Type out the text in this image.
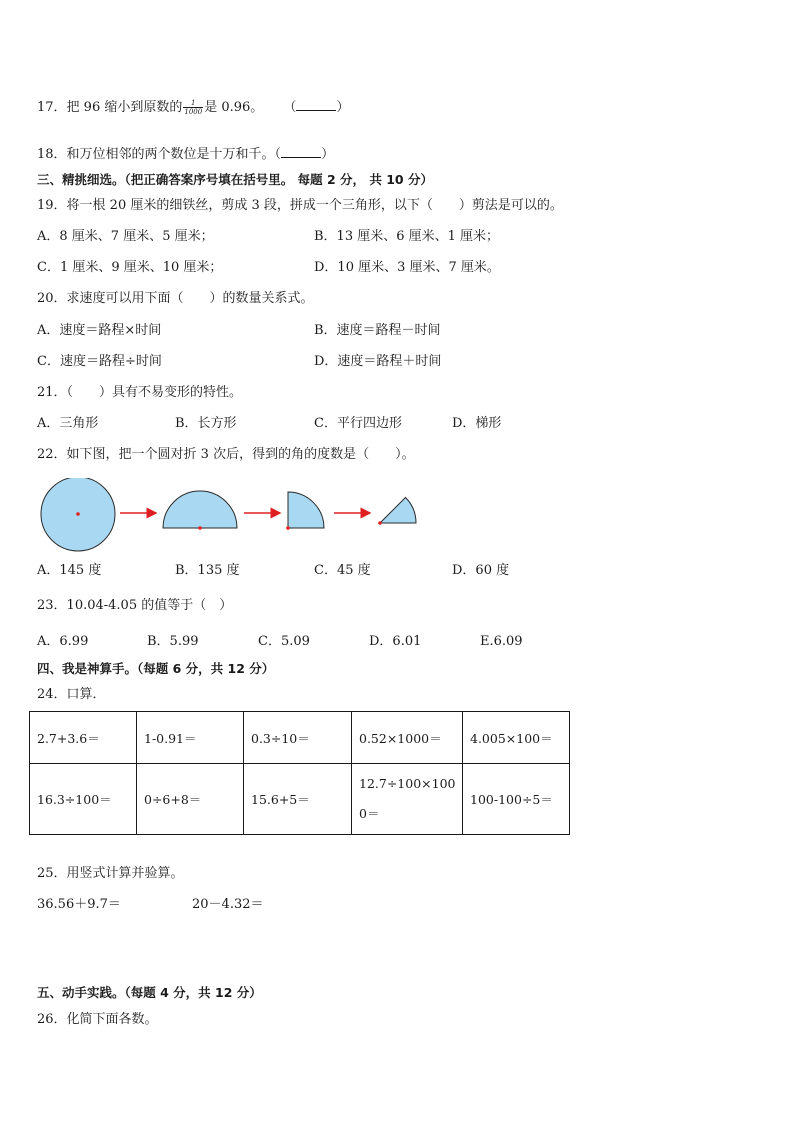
17．把 96 缩小到原数的 $\frac{1}{1000}$ 是 0.96。 （	）
18．和万位相邻的两个数位是十万和千。（	）
三、精挑细选。（把正确答案序号填在括号里。 每题 2 分， 共 10 分）
19．将一根 20 厘米的细铁丝，剪成 3 段，拼成一个三角形，以下（　　）剪法是可以的。
A．8 厘米、7 厘米、5 厘米；	B．13 厘米、6 厘米、1 厘米；
C．1 厘米、9 厘米、10 厘米；	D．10 厘米、3 厘米、7 厘米。
20．求速度可以用下面（　　）的数量关系式。
A．速度＝路程×时间	B．速度＝路程－时间
C．速度＝路程÷时间	D．速度＝路程＋时间
21．（　　）具有不易变形的特性。
A．三角形	B．长方形	C．平行四边形	D．梯形
22．如下图，把一个圆对折 3 次后，得到的角的度数是（　　）。
A．145 度	B．135 度	C．45 度	D．60 度
23．10.04-4.05 的值等于（　）
A．6.99	B．5.99	C．5.09	D．6.01	E.6.09
四、我是神算手。（每题 6 分，共 12 分）
24．口算．
2.7+3.6＝	1-0.91＝	0.3÷10＝	0.52×1000＝	4.005×100＝
16.3÷100＝	0÷6+8＝	15.6+5＝	12.7÷100×1000＝	100-100÷5＝
25．用竖式计算并验算。
36.56＋9.7＝	20－4.32＝
五、动手实践。（每题 4 分，共 12 分）
26．化简下面各数。
